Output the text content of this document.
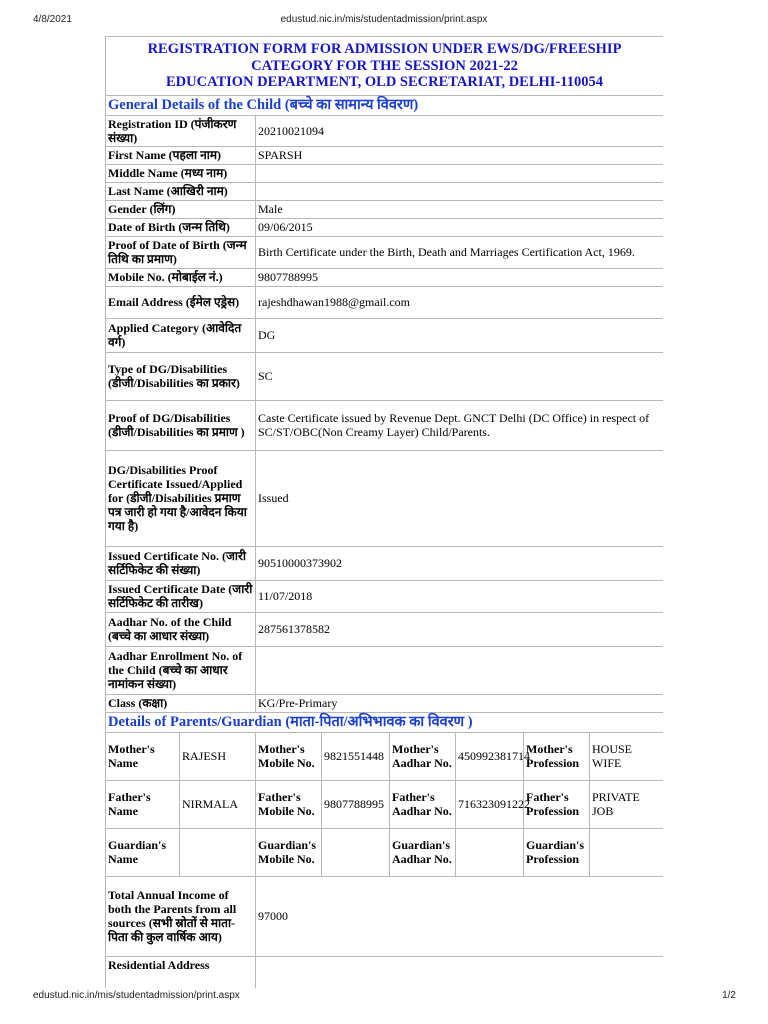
4/8/2021	edustud.nic.in/mis/studentadmission/print.aspx
REGISTRATION FORM FOR ADMISSION UNDER EWS/DG/FREESHIP
CATEGORY FOR THE SESSION 2021-22
EDUCATION DEPARTMENT, OLD SECRETARIAT, DELHI-110054							

General Details of the Child (बच्चे का सामान्य विवरण)							
Registration ID (पंजीकरण संख्या)		20210021094					
First Name (पहला नाम)		SPARSH					
Middle Name (मध्य नाम)							
Last Name (आखिरी नाम)							
Gender (लिंग)		Male					
Date of Birth (जन्म तिथि)		09/06/2015					
Proof of Date of Birth (जन्म तिथि का प्रमाण)		Birth Certificate under the Birth, Death and Marriages Certification Act, 1969.					
Mobile No. (मोबाईल नं.)		9807788995					
Email Address (ईमेल एड्रेस)		rajeshdhawan1988@gmail.com					
Applied Category (आवेदित वर्ग)		DG					
Type of DG/Disabilities (डीजी/Disabilities का प्रकार)		SC					
Proof of DG/Disabilities (डीजी/Disabilities का प्रमाण )		Caste Certificate issued by Revenue Dept. GNCT Delhi (DC Office) in respect of SC/ST/OBC(Non Creamy Layer) Child/Parents.					
DG/Disabilities Proof Certificate Issued/Applied for (डीजी/Disabilities प्रमाण पत्र जारी हो गया है/आवेदन किया गया है)		Issued					
Issued Certificate No. (जारी सर्टिफिकेट की संख्या)		90510000373902					
Issued Certificate Date (जारी सर्टिफिकेट की तारीख)		11/07/2018					
Aadhar No. of the Child (बच्चे का आधार संख्या)		287561378582					
Aadhar Enrollment No. of the Child (बच्चे का आधार नामांकन संख्या)							
Class (कक्षा)		KG/Pre-Primary					
Details of Parents/Guardian (माता-पिता/अभिभावक का विवरण )							
Mother's Name	RAJESH	Mother's Mobile No.	9821551448	Mother's Aadhar No.	450992381714	Mother's Profession	HOUSE WIFE
Father's Name	NIRMALA	Father's Mobile No.	9807788995	Father's Aadhar No.	716323091222	Father's Profession	PRIVATE JOB
Guardian's Name		Guardian's Mobile No.		Guardian's Aadhar No.		Guardian's Profession	
Total Annual Income of both the Parents from all sources (सभी स्रोतों से माता-पिता की कुल वार्षिक आय)		97000					
Residential Address							
edustud.nic.in/mis/studentadmission/print.aspx	1/2
